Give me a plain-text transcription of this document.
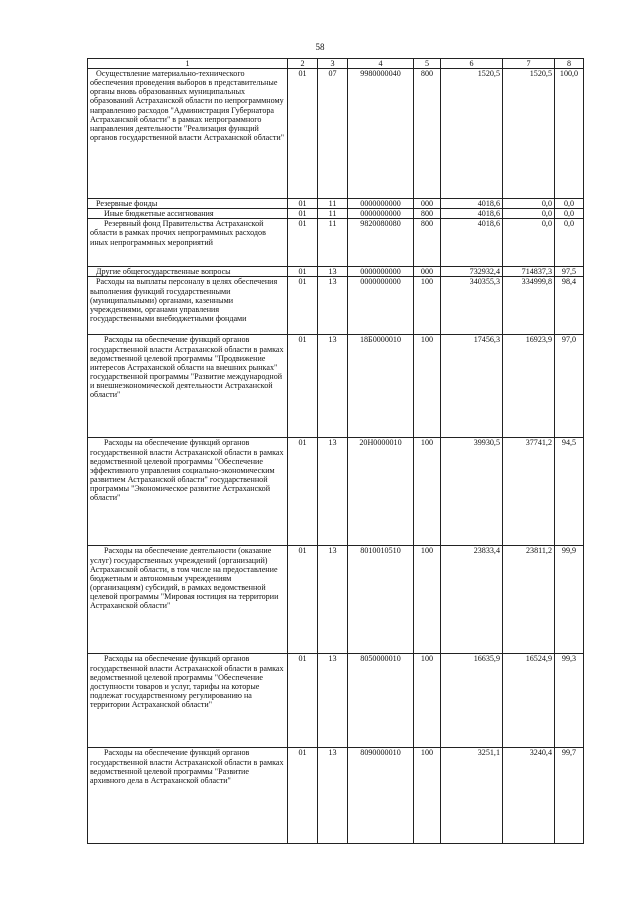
58
1	2	3	4	5	6	7	8
Осуществление материально-технического обеспечения проведения выборов в представительные органы вновь образованных муниципальных образований Астраханской области по непрограммному направлению расходов "Администрация Губернатора Астраханской области" в рамках непрограммного направления деятельности "Реализация функций органов государственной власти Астраханской области"	01	07	9980000040	800	1520,5	1520,5	100,0
Резервные фонды	01	11	0000000000	000	4018,6	0,0	0,0
Иные бюджетные ассигнования	01	11	0000000000	800	4018,6	0,0	0,0
Резервный фонд Правительства Астраханской области в рамках прочих непрограммных расходов иных непрограммных мероприятий	01	11	9820080080	800	4018,6	0,0	0,0
Другие общегосударственные вопросы	01	13	0000000000	000	732932,4	714837,3	97,5
Расходы на выплаты персоналу в целях обеспечения выполнения функций государственными (муниципальными) органами, казенными учреждениями, органами управления государственными внебюджетными фондами	01	13	0000000000	100	340355,3	334999,8	98,4
Расходы на обеспечение функций органов государственной власти Астраханской области в рамках ведомственной целевой программы "Продвижение интересов Астраханской области на внешних рынках" государственной программы "Развитие международной и внешнеэкономической деятельности Астраханской области"	01	13	18Б0000010	100	17456,3	16923,9	97,0
Расходы на обеспечение функций органов государственной власти Астраханской области в рамках ведомственной целевой программы "Обеспечение эффективного управления социально-экономическим развитием Астраханской области" государственной программы "Экономическое развитие Астраханской области"	01	13	20Н0000010	100	39930,5	37741,2	94,5
Расходы на обеспечение деятельности (оказание услуг) государственных учреждений (организаций) Астраханской области, в том числе на предоставление бюджетным и автономным учреждениям (организациям) субсидий, в рамках ведомственной целевой программы "Мировая юстиция на территории Астраханской области"	01	13	8010010510	100	23833,4	23811,2	99,9
Расходы на обеспечение функций органов государственной власти Астраханской области в рамках ведомственной целевой программы "Обеспечение доступности товаров и услуг, тарифы на которые подлежат государственному регулированию на территории Астраханской области"	01	13	8050000010	100	16635,9	16524,9	99,3
Расходы на обеспечение функций органов государственной власти Астраханской области в рамках ведомственной целевой программы "Развитие архивного дела в Астраханской области"	01	13	8090000010	100	3251,1	3240,4	99,7
